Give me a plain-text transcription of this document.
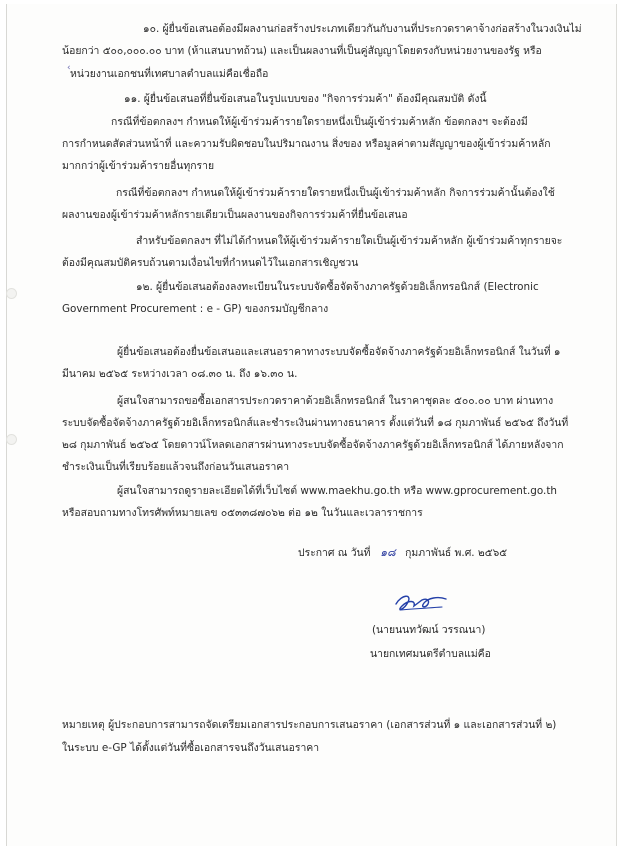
‹

๑๐. ผู้ยื่นข้อเสนอต้องมีผลงานก่อสร้างประเภทเดียวกันกับงานที่ประกวดราคาจ้างก่อสร้างในวงเงินไม่

น้อยกว่า ๕๐๐,๐๐๐.๐๐ บาท (ห้าแสนบาทถ้วน) และเป็นผลงานที่เป็นคู่สัญญาโดยตรงกับหน่วยงานของรัฐ หรือ

หน่วยงานเอกชนที่เทศบาลตำบลแม่คือเชื่อถือ

๑๑. ผู้ยื่นข้อเสนอที่ยื่นข้อเสนอในรูปแบบของ "กิจการร่วมค้า" ต้องมีคุณสมบัติ ดังนี้

กรณีที่ข้อตกลงฯ กำหนดให้ผู้เข้าร่วมค้ารายใดรายหนึ่งเป็นผู้เข้าร่วมค้าหลัก ข้อตกลงฯ จะต้องมี

การกำหนดสัดส่วนหน้าที่ และความรับผิดชอบในปริมาณงาน สิ่งของ หรือมูลค่าตามสัญญาของผู้เข้าร่วมค้าหลัก

มากกว่าผู้เข้าร่วมค้ารายอื่นทุกราย

กรณีที่ข้อตกลงฯ กำหนดให้ผู้เข้าร่วมค้ารายใดรายหนึ่งเป็นผู้เข้าร่วมค้าหลัก กิจการร่วมค้านั้นต้องใช้

ผลงานของผู้เข้าร่วมค้าหลักรายเดียวเป็นผลงานของกิจการร่วมค้าที่ยื่นข้อเสนอ

สำหรับข้อตกลงฯ ที่ไม่ได้กำหนดให้ผู้เข้าร่วมค้ารายใดเป็นผู้เข้าร่วมค้าหลัก ผู้เข้าร่วมค้าทุกรายจะ

ต้องมีคุณสมบัติครบถ้วนตามเงื่อนไขที่กำหนดไว้ในเอกสารเชิญชวน

๑๒. ผู้ยื่นข้อเสนอต้องลงทะเบียนในระบบจัดซื้อจัดจ้างภาครัฐด้วยอิเล็กทรอนิกส์ (Electronic

Government Procurement : e - GP) ของกรมบัญชีกลาง

ผู้ยื่นข้อเสนอต้องยื่นข้อเสนอและเสนอราคาทางระบบจัดซื้อจัดจ้างภาครัฐด้วยอิเล็กทรอนิกส์ ในวันที่ ๑

มีนาคม ๒๕๖๕ ระหว่างเวลา ๐๘.๓๐ น. ถึง ๑๖.๓๐ น.

ผู้สนใจสามารถขอซื้อเอกสารประกวดราคาด้วยอิเล็กทรอนิกส์ ในราคาชุดละ ๕๐๐.๐๐ บาท ผ่านทาง

ระบบจัดซื้อจัดจ้างภาครัฐด้วยอิเล็กทรอนิกส์และชำระเงินผ่านทางธนาคาร ตั้งแต่วันที่ ๑๘ กุมภาพันธ์ ๒๕๖๕ ถึงวันที่

๒๘ กุมภาพันธ์ ๒๕๖๕ โดยดาวน์โหลดเอกสารผ่านทางระบบจัดซื้อจัดจ้างภาครัฐด้วยอิเล็กทรอนิกส์ ได้ภายหลังจาก

ชำระเงินเป็นที่เรียบร้อยแล้วจนถึงก่อนวันเสนอราคา

ผู้สนใจสามารถดูรายละเอียดได้ที่เว็บไซต์ www.maekhu.go.th หรือ www.gprocurement.go.th

หรือสอบถามทางโทรศัพท์หมายเลข ๐๕๓๓๘๗๐๖๒ ต่อ ๑๒ ในวันและเวลาราชการ

ประกาศ ณ วันที่ ๑๘ กุมภาพันธ์ พ.ศ. ๒๕๖๕

(นายนนทวัฒน์ วรรณนา)

นายกเทศมนตรีตำบลแม่คือ

หมายเหตุ ผู้ประกอบการสามารถจัดเตรียมเอกสารประกอบการเสนอราคา (เอกสารส่วนที่ ๑ และเอกสารส่วนที่ ๒)

ในระบบ e-GP ได้ตั้งแต่วันที่ซื้อเอกสารจนถึงวันเสนอราคา
